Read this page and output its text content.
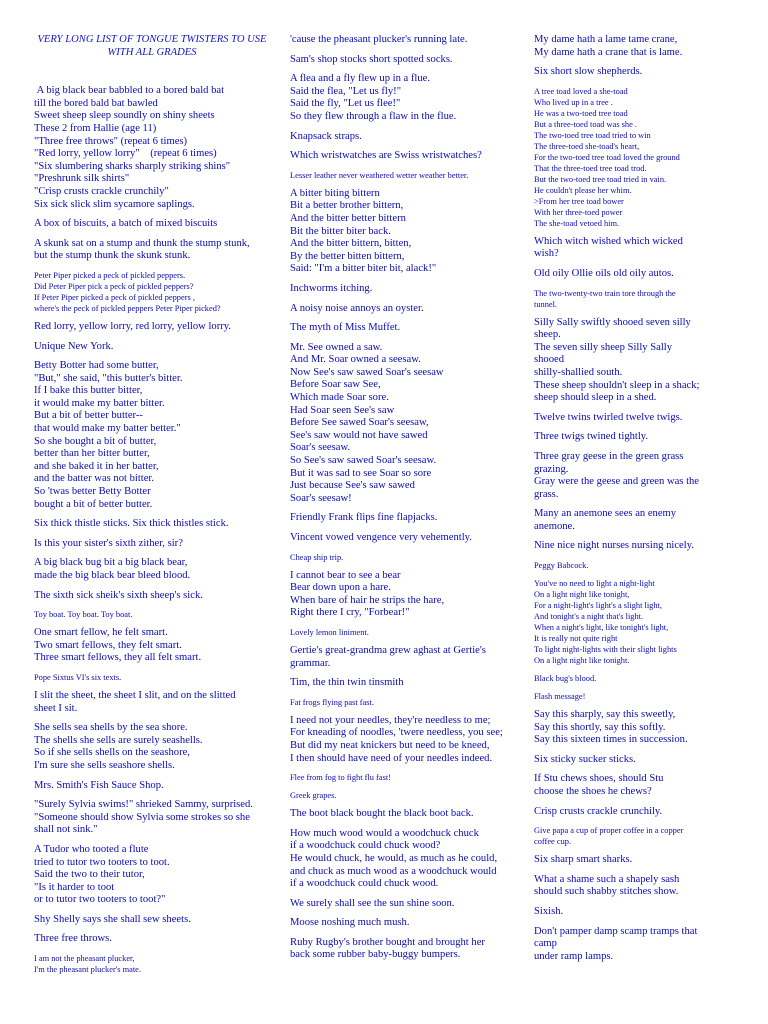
VERY LONG LIST OF TONGUE TWISTERS TO USE WITH ALL GRADES
A big black bear babbled to a bored bald bat
till the bored bald bat bawled
Sweet sheep sleep soundly on shiny sheets
These 2 from Hallie (age 11)
"Three free throws" (repeat 6 times)
"Red lorry, yellow lorry"    (repeat 6 times)
"Six slumbering sharks sharply striking shins"
"Preshrunk silk shirts"
"Crisp crusts crackle crunchily"
Six sick slick slim sycamore saplings.
A box of biscuits, a batch of mixed biscuits
A skunk sat on a stump and thunk the stump stunk,
but the stump thunk the skunk stunk.
Peter Piper picked a peck of pickled peppers.
Did Peter Piper pick a peck of pickled peppers?
If Peter Piper picked a peck of pickled peppers ,
where's the peck of pickled peppers Peter Piper picked?
Red lorry, yellow lorry, red lorry, yellow lorry.
Unique New York.
Betty Botter had some butter,
"But," she said, "this butter's bitter.
If I bake this butter bitter,
it would make my batter bitter.
But a bit of better butter--
that would make my batter better."
So she bought a bit of butter,
better than her bitter butter,
and she baked it in her batter,
and the batter was not bitter.
So 'twas better Betty Botter
bought a bit of better butter.
Six thick thistle sticks. Six thick thistles stick.
Is this your sister's sixth zither, sir?
A big black bug bit a big black bear,
made the big black bear bleed blood.
The sixth sick sheik's sixth sheep's sick.
Toy boat. Toy boat. Toy boat.
One smart fellow, he felt smart.
Two smart fellows, they felt smart.
Three smart fellows, they all felt smart.
Pope Sixtus VI's six texts.
I slit the sheet, the sheet I slit, and on the slitted
sheet I sit.
She sells sea shells by the sea shore.
The shells she sells are surely seashells.
So if she sells shells on the seashore,
I'm sure she sells seashore shells.
Mrs. Smith's Fish Sauce Shop.
"Surely Sylvia swims!" shrieked Sammy, surprised.
"Someone should show Sylvia some strokes so she
shall not sink."
A Tudor who tooted a flute
tried to tutor two tooters to toot.
Said the two to their tutor,
"Is it harder to toot
or to tutor two tooters to toot?"
Shy Shelly says she shall sew sheets.
Three free throws.
I am not the pheasant plucker,
I'm the pheasant plucker's mate.
'cause the pheasant plucker's running late.
Sam's shop stocks short spotted socks.
A flea and a fly flew up in a flue.
Said the flea, "Let us fly!"
Said the fly, "Let us flee!"
So they flew through a flaw in the flue.
Knapsack straps.
Which wristwatches are Swiss wristwatches?
Lesser leather never weathered wetter weather better.
A bitter biting bittern
Bit a better brother bittern,
And the bitter better bittern
Bit the bitter biter back.
And the bitter bittern, bitten,
By the better bitten bittern,
Said: "I'm a bitter biter bit, alack!"
Inchworms itching.
A noisy noise annoys an oyster.
The myth of Miss Muffet.
Mr. See owned a saw.
And Mr. Soar owned a seesaw.
Now See's saw sawed Soar's seesaw
Before Soar saw See,
Which made Soar sore.
Had Soar seen See's saw
Before See sawed Soar's seesaw,
See's saw would not have sawed
Soar's seesaw.
So See's saw sawed Soar's seesaw.
But it was sad to see Soar so sore
Just because See's saw sawed
Soar's seesaw!
Friendly Frank flips fine flapjacks.
Vincent vowed vengence very vehemently.
Cheap ship trip.
I cannot bear to see a bear
Bear down upon a hare.
When bare of hair he strips the hare,
Right there I cry, "Forbear!"
Lovely lemon liniment.
Gertie's great-grandma grew aghast at Gertie's
grammar.
Tim, the thin twin tinsmith
Fat frogs flying past fast.
I need not your needles, they're needless to me;
For kneading of noodles, 'twere needless, you see;
But did my neat knickers but need to be kneed,
I then should have need of your needles indeed.
Flee from fog to fight flu fast!
Greek grapes.
The boot black bought the black boot back.
How much wood would a woodchuck chuck
if a woodchuck could chuck wood?
He would chuck, he would, as much as he could,
and chuck as much wood as a woodchuck would
if a woodchuck could chuck wood.
We surely shall see the sun shine soon.
Moose noshing much mush.
Ruby Rugby's brother bought and brought her
back some rubber baby-buggy bumpers.
My dame hath a lame tame crane,
My dame hath a crane that is lame.
Six short slow shepherds.
A tree toad loved a she-toad
Who lived up in a tree .
He was a two-toed tree toad
But a three-toed toad was she .
The two-toed tree toad tried to win
The three-toed she-toad's heart,
For the two-toed tree toad loved the ground
That the three-toed tree toad trod.
But the two-toed tree toad tried in vain.
He couldn't please her whim.
>From her tree toad bower
With her three-toed power
The she-toad vetoed him.
Which witch wished which wicked
wish?
Old oily Ollie oils old oily autos.
The two-twenty-two train tore through the
tunnel.
Silly Sally swiftly shooed seven silly
sheep.
The seven silly sheep Silly Sally
shooed
shilly-shallied south.
These sheep shouldn't sleep in a shack;
sheep should sleep in a shed.
Twelve twins twirled twelve twigs.
Three twigs twined tightly.
Three gray geese in the green grass
grazing.
Gray were the geese and green was the
grass.
Many an anemone sees an enemy
anemone.
Nine nice night nurses nursing nicely.
Peggy Babcock.
You've no need to light a night-light
On a light night like tonight,
For a night-light's light's a slight light,
And tonight's a night that's light.
When a night's light, like tonight's light,
It is really not quite right
To light night-lights with their slight lights
On a light night like tonight.
Black bug's blood.
Flash message!
Say this sharply, say this sweetly,
Say this shortly, say this softly.
Say this sixteen times in succession.
Six sticky sucker sticks.
If Stu chews shoes, should Stu
choose the shoes he chews?
Crisp crusts crackle crunchily.
Give papa a cup of proper coffee in a copper
coffee cup.
Six sharp smart sharks.
What a shame such a shapely sash
should such shabby stitches show.
Sixish.
Don't pamper damp scamp tramps that
camp
under ramp lamps.
